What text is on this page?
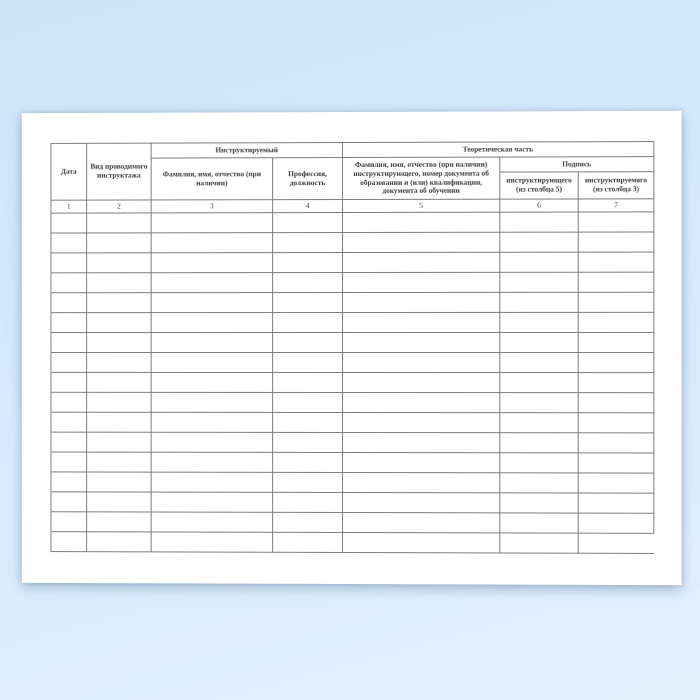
Дата	Вид проводимого инструктажа	Инструктируемый		Теоретическая часть		
		Фамилия, имя, отчество (при наличии)	Профессия, должность	Фамилия, имя, отчество (при наличии) инструктирующего, номер документа об образовании и (или) квалификации, документа об обучении	Подпись	
					инструктирующего (из столбца 5)	инструктируемого (из столбца 3)
1	2	3	4	5	6	7
